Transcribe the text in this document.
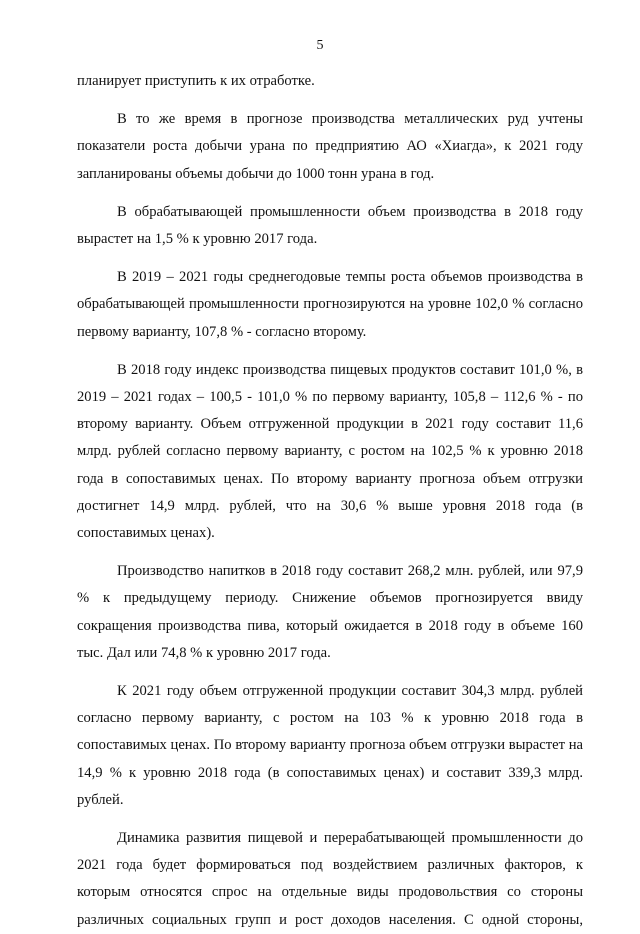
5

планирует приступить к их отработке.

В то же время в прогнозе производства металлических руд учтены показатели роста добычи урана по предприятию АО «Хиагда», к 2021 году запланированы объемы добычи до 1000 тонн урана в год.

В обрабатывающей промышленности объем производства в 2018 году вырастет на 1,5 % к уровню 2017 года.

В 2019 – 2021 годы среднегодовые темпы роста объемов производства в обрабатывающей промышленности прогнозируются на уровне 102,0 % согласно первому варианту, 107,8 % - согласно второму.

В 2018 году индекс производства пищевых продуктов составит 101,0 %, в 2019 – 2021 годах – 100,5 - 101,0 % по первому варианту, 105,8 – 112,6 % - по второму варианту. Объем отгруженной продукции в 2021 году составит 11,6 млрд. рублей согласно первому варианту, с ростом на 102,5 % к уровню 2018 года в сопоставимых ценах. По второму варианту прогноза объем отгрузки достигнет 14,9 млрд. рублей, что на 30,6 % выше уровня 2018 года (в сопоставимых ценах).

Производство напитков в 2018 году составит 268,2 млн. рублей, или 97,9 % к предыдущему периоду. Снижение объемов прогнозируется ввиду сокращения производства пива, который ожидается в 2018 году в объеме 160 тыс. Дал или 74,8 % к уровню 2017 года.

К 2021 году объем отгруженной продукции составит 304,3 млрд. рублей согласно первому варианту, с ростом на 103 % к уровню 2018 года в сопоставимых ценах. По второму варианту прогноза объем отгрузки вырастет на 14,9 % к уровню 2018 года (в сопоставимых ценах) и составит 339,3 млрд. рублей.

Динамика развития пищевой и перерабатывающей промышленности до 2021 года будет формироваться под воздействием различных факторов, к которым относятся спрос на отдельные виды продовольствия со стороны различных социальных групп и рост доходов населения. С одной стороны,
